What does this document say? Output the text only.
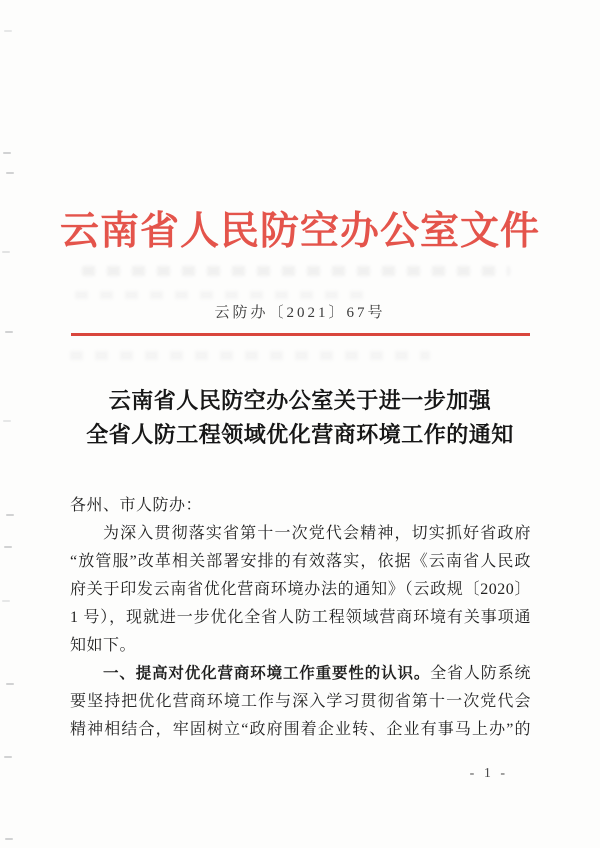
云南省人民防空办公室文件
云防办〔2021〕67号
云南省人民防空办公室关于进一步加强
全省人防工程领域优化营商环境工作的通知
各州、市人防办：
为深入贯彻落实省第十一次党代会精神，切实抓好省政府
“放管服”改革相关部署安排的有效落实，依据《云南省人民政
府关于印发云南省优化营商环境办法的通知》（云政规〔2020〕
1 号），现就进一步优化全省人防工程领域营商环境有关事项通
知如下。
一、提高对优化营商环境工作重要性的认识。全省人防系统
要坚持把优化营商环境工作与深入学习贯彻省第十一次党代会
精神相结合，牢固树立“政府围着企业转、企业有事马上办”的
- 1 -
